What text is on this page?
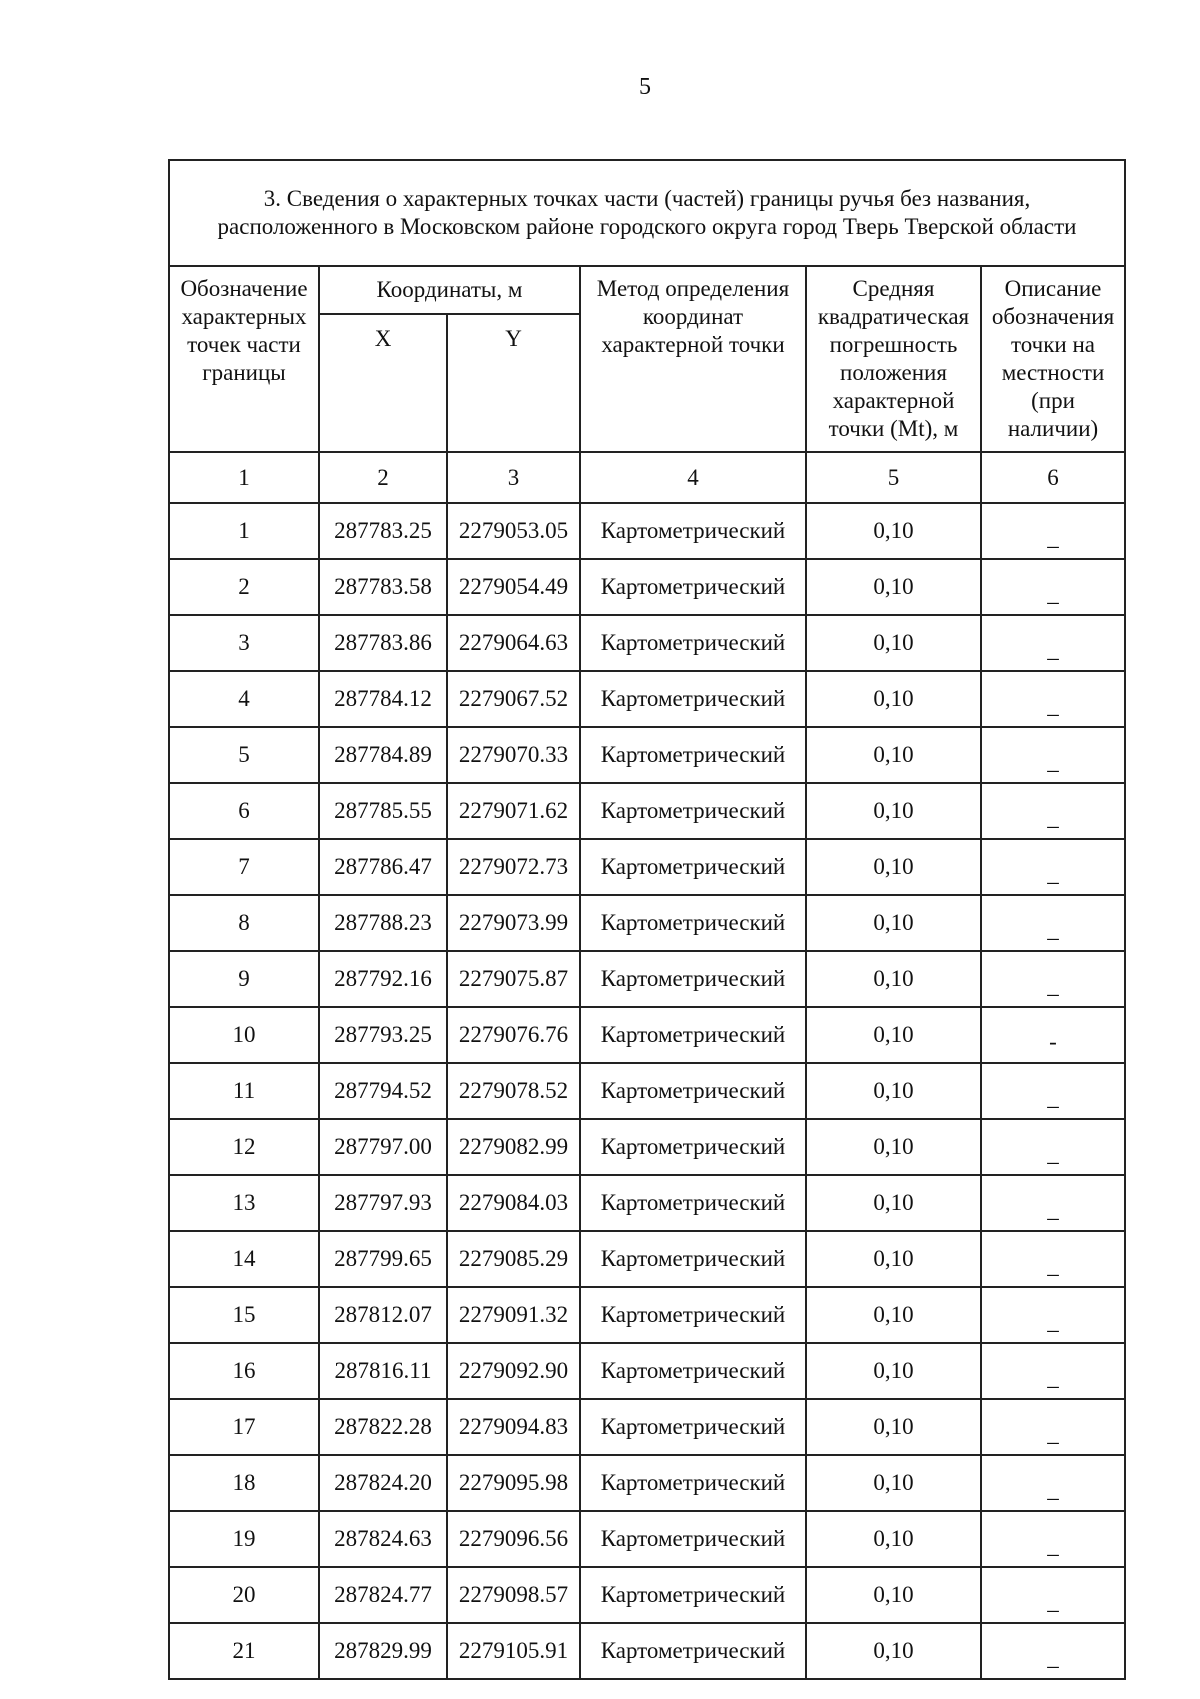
5
3. Сведения о характерных точках части (частей) границы ручья без названия, расположенного в Московском районе городского округа город Тверь Тверской области					
Обозначение характерных точек части границы	Координаты, м		Метод определения координат характерной точки	Средняя квадратическая погрешность положения характерной точки (Mt), м	Описание обозначения точки на местности (при наличии)
	X	Y			
1	2	3	4	5	6
1	287783.25	2279053.05	Картометрический	0,10	_
2	287783.58	2279054.49	Картометрический	0,10	_
3	287783.86	2279064.63	Картометрический	0,10	_
4	287784.12	2279067.52	Картометрический	0,10	_
5	287784.89	2279070.33	Картометрический	0,10	_
6	287785.55	2279071.62	Картометрический	0,10	_
7	287786.47	2279072.73	Картометрический	0,10	_
8	287788.23	2279073.99	Картометрический	0,10	_
9	287792.16	2279075.87	Картометрический	0,10	_
10	287793.25	2279076.76	Картометрический	0,10	-
11	287794.52	2279078.52	Картометрический	0,10	_
12	287797.00	2279082.99	Картометрический	0,10	_
13	287797.93	2279084.03	Картометрический	0,10	_
14	287799.65	2279085.29	Картометрический	0,10	_
15	287812.07	2279091.32	Картометрический	0,10	_
16	287816.11	2279092.90	Картометрический	0,10	_
17	287822.28	2279094.83	Картометрический	0,10	_
18	287824.20	2279095.98	Картометрический	0,10	_
19	287824.63	2279096.56	Картометрический	0,10	_
20	287824.77	2279098.57	Картометрический	0,10	_
21	287829.99	2279105.91	Картометрический	0,10	_
